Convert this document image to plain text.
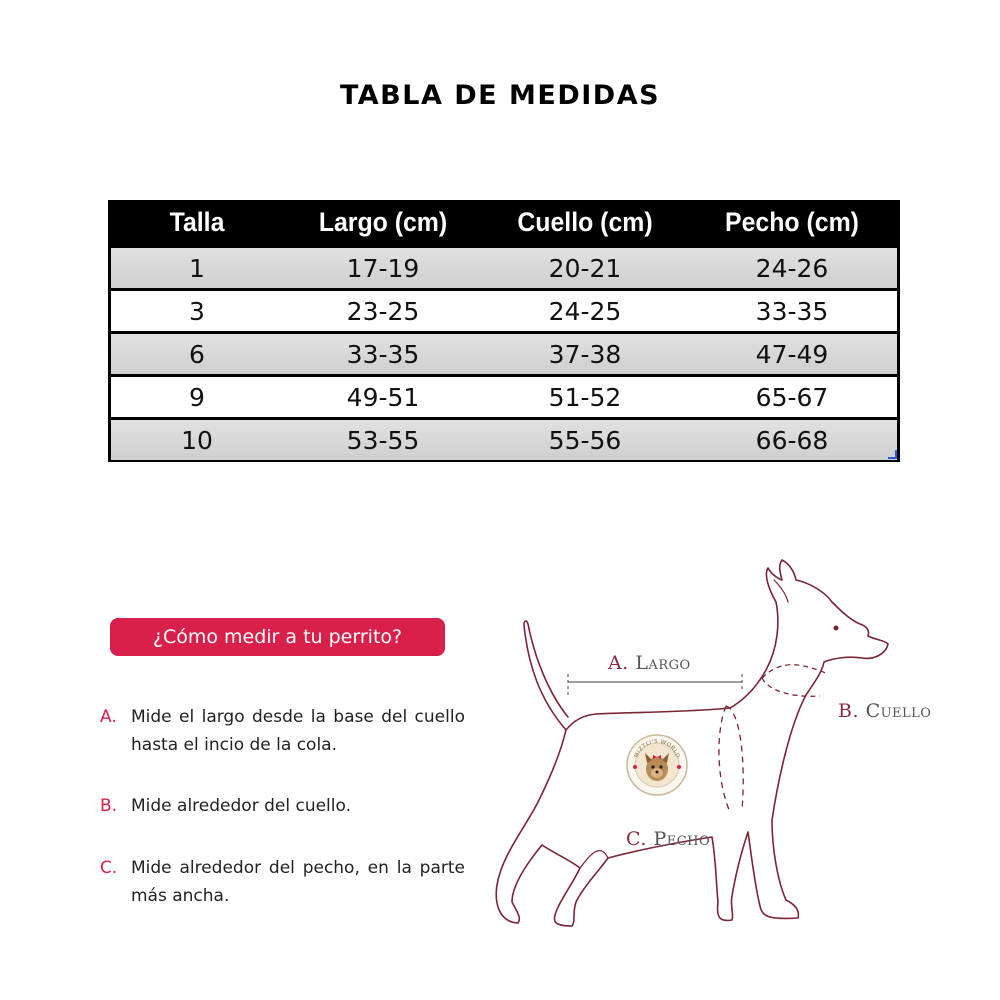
TABLA DE MEDIDAS
Talla	Largo (cm)	Cuello (cm)	Pecho (cm)
1	17-19	20-21	24-26
3	23-25	24-25	33-35
6	33-35	37-38	47-49
9	49-51	51-52	65-67
10	53-55	55-56	66-68
¿Cómo medir a tu perrito?
A. Mide el largo desde la base del cuello hasta el incio de la cola.
B. Mide alrededor del cuello.
C. Mide alrededor del pecho, en la parte más ancha.
A. Largo
B. Cuello
C. Pecho
MIZTLI'S WORLD
